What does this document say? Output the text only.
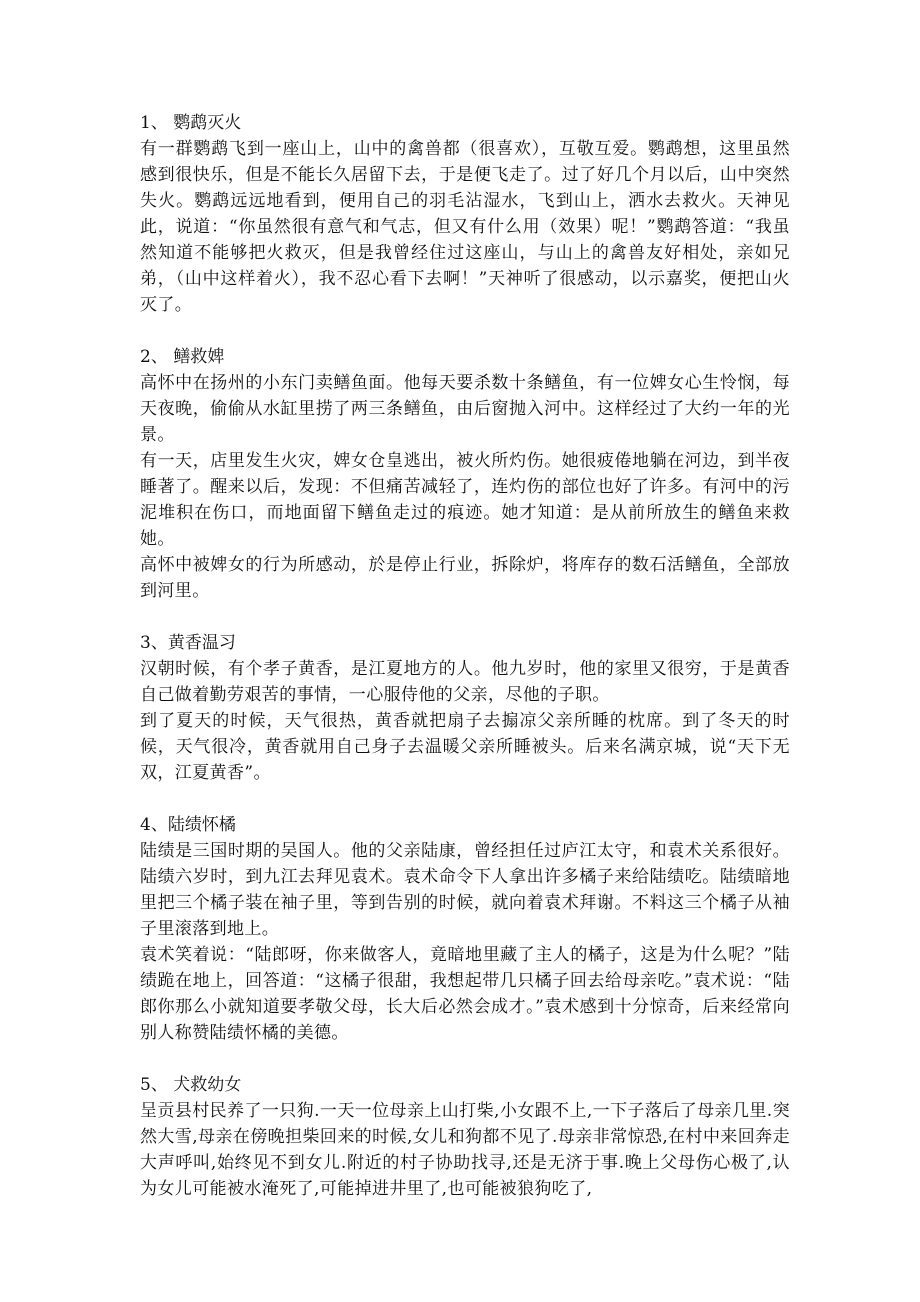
1、 鹦鹉灭火

有一群鹦鹉飞到一座山上，山中的禽兽都（很喜欢），互敬互爱。鹦鹉想，这里虽然感到很快乐，但是不能长久居留下去，于是便飞走了。过了好几个月以后，山中突然失火。鹦鹉远远地看到，便用自己的羽毛沾湿水，飞到山上，洒水去救火。天神见此，说道：“你虽然很有意气和气志，但又有什么用（效果）呢！”鹦鹉答道：“我虽然知道不能够把火救灭，但是我曾经住过这座山，与山上的禽兽友好相处，亲如兄弟，（山中这样着火），我不忍心看下去啊！”天神听了很感动，以示嘉奖，便把山火灭了。

2、 鳝救婢

高怀中在扬州的小东门卖鳝鱼面。他每天要杀数十条鳝鱼，有一位婢女心生怜悯，每天夜晚，偷偷从水缸里捞了两三条鳝鱼，由后窗抛入河中。这样经过了大约一年的光景。

有一天，店里发生火灾，婢女仓皇逃出，被火所灼伤。她很疲倦地躺在河边，到半夜睡著了。醒来以后，发现：不但痛苦减轻了，连灼伤的部位也好了许多。有河中的污泥堆积在伤口，而地面留下鳝鱼走过的痕迹。她才知道：是从前所放生的鳝鱼来救她。

高怀中被婢女的行为所感动，於是停止行业，拆除炉，将库存的数石活鳝鱼，全部放到河里。

3、黄香温习

汉朝时候，有个孝子黄香，是江夏地方的人。他九岁时，他的家里又很穷，于是黄香自己做着勤劳艰苦的事情，一心服侍他的父亲，尽他的子职。

到了夏天的时候，天气很热，黄香就把扇子去搧凉父亲所睡的枕席。到了冬天的时候，天气很冷，黄香就用自己身子去温暖父亲所睡被头。后来名满京城，说“天下无双，江夏黄香”。

4、陆绩怀橘

陆绩是三国时期的吴国人。他的父亲陆康，曾经担任过庐江太守，和袁术关系很好。陆绩六岁时，到九江去拜见袁术。袁术命令下人拿出许多橘子来给陆绩吃。陆绩暗地里把三个橘子装在袖子里，等到告别的时候，就向着袁术拜谢。不料这三个橘子从袖子里滚落到地上。

袁术笑着说：“陆郎呀，你来做客人，竟暗地里藏了主人的橘子，这是为什么呢？”陆绩跪在地上，回答道：“这橘子很甜，我想起带几只橘子回去给母亲吃。”袁术说：“陆郎你那么小就知道要孝敬父母，长大后必然会成才。”袁术感到十分惊奇，后来经常向别人称赞陆绩怀橘的美德。

5、 犬救幼女

呈贡县村民养了一只狗.一天一位母亲上山打柴,小女跟不上,一下子落后了母亲几里.突然大雪,母亲在傍晚担柴回来的时候,女儿和狗都不见了.母亲非常惊恐,在村中来回奔走大声呼叫,始终见不到女儿.附近的村子协助找寻,还是无济于事.晚上父母伤心极了,认为女儿可能被水淹死了,可能掉进井里了,也可能被狼狗吃了,
